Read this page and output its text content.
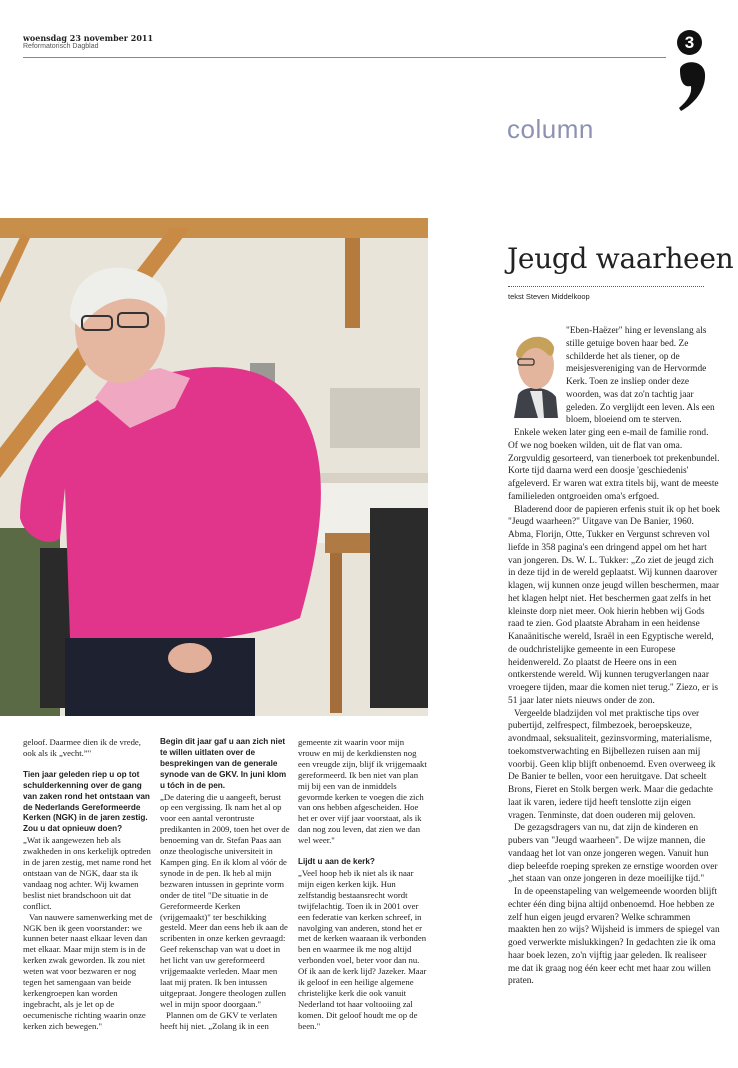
woensdag 23 november 2011
Reformatorisch Dagblad	3
column
Jeugd waarheen
tekst Steven Middelkoop

"Eben-Haëzer" hing er levenslang als stille getuige boven haar bed. Ze schilderde het als tiener, op de meisjesvereniging van de Hervormde Kerk. Toen ze insliep onder deze woorden, was dat zo'n tachtig jaar geleden. Zo verglijdt een leven. Als een bloem, bloeiend om te sterven.

Enkele weken later ging een e-mail de familie rond. Of we nog boeken wilden, uit de flat van oma. Zorgvuldig gesorteerd, van tienerboek tot prekenbundel. Korte tijd daarna werd een doosje 'geschiedenis' afgeleverd. Er waren wat extra titels bij, want de meeste familieleden ontgroeiden oma's erfgoed.

Bladerend door de papieren erfenis stuit ik op het boek "Jeugd waarheen?" Uitgave van De Banier, 1960. Abma, Florijn, Otte, Tukker en Vergunst schreven vol liefde in 358 pagina's een dringend appel om het hart van jongeren. Ds. W. L. Tukker: „Zo ziet de jeugd zich in deze tijd in de wereld geplaatst. Wij kunnen daarover klagen, wij kunnen onze jeugd willen beschermen, maar het klagen helpt niet. Het beschermen gaat zelfs in het kleinste dorp niet meer. Ook hierin hebben wij Gods raad te zien. God plaatste Abraham in een heidense Kanaänitische wereld, Israël in een Egyptische wereld, de oudchristelijke gemeente in een Europese heidenwereld. Zo plaatst de Heere ons in een ontkerstende wereld. Wij kunnen terugverlangen naar vroegere tijden, maar die komen niet terug." Ziezo, er is 51 jaar later niets nieuws onder de zon.

Vergeelde bladzijden vol met praktische tips over pubertijd, zelfrespect, filmbezoek, beroepskeuze, avondmaal, seksualiteit, gezinsvorming, materialisme, toekomstverwachting en Bijbellezen ruisen aan mij voorbij. Geen klip blijft onbenoemd. Even overweeg ik De Banier te bellen, voor een heruitgave. Dat scheelt Brons, Fieret en Stolk bergen werk. Maar die gedachte laat ik varen, iedere tijd heeft tenslotte zijn eigen vragen. Tenminste, dat doen ouderen mij geloven.

De gezagsdragers van nu, dat zijn de kinderen en pubers van "Jeugd waarheen". De wijze mannen, die vandaag het lot van onze jongeren wegen. Vanuit hun diep beleefde roeping spreken ze ernstige woorden over „het staan van onze jongeren in deze moeilijke tijd."

In de opeenstapeling van welgemeende woorden blijft echter één ding bijna altijd onbenoemd. Hoe hebben ze zelf hun eigen jeugd ervaren? Welke schrammen maakten hen zo wijs? Wijsheid is immers de spiegel van goed verwerkte mislukkingen? In gedachten zie ik oma haar boek lezen, zo'n vijftig jaar geleden. Ik realiseer me dat ik graag nog één keer echt met haar zou willen praten.

geloof. Daarmee dien ik de vrede, ook als ik „vecht.”"

Tien jaar geleden riep u op tot schulderkenning over de gang van zaken rond het ontstaan van de Nederlands Gereformeerde Kerken (NGK) in de jaren zestig. Zou u dat opnieuw doen?

„Wat ik aangewezen heb als zwakheden in ons kerkelijk optreden in de jaren zestig, met name rond het ontstaan van de NGK, daar sta ik vandaag nog achter. Wij kwamen beslist niet brandschoon uit dat conflict.

Van nauwere samenwerking met de NGK ben ik geen voorstander: we kunnen beter naast elkaar leven dan met elkaar. Maar mijn stem is in de kerken zwak geworden. Ik zou niet weten wat voor bezwaren er nog tegen het samengaan van beide kerkengroepen kan worden ingebracht, als je let op de oecumenische richting waarin onze kerken zich bewegen."

Begin dit jaar gaf u aan zich niet te willen uitlaten over de besprekingen van de generale synode van de GKV. In juni klom u tóch in de pen.

„De datering die u aangeeft, berust op een vergissing. Ik nam het al op voor een aantal verontruste predikanten in 2009, toen het over de benoeming van dr. Stefan Paas aan onze theologische universiteit in Kampen ging. En ik klom al vóór de synode in de pen. Ik heb al mijn bezwaren intussen in geprinte vorm onder de titel "De situatie in de Gereformeerde Kerken (vrijgemaakt)" ter beschikking gesteld. Meer dan eens heb ik aan de scribenten in onze kerken gevraagd: Geef rekenschap van wat u doet in het licht van uw gereformeerd vrijgemaakte verleden. Maar men laat mij praten. Ik ben intussen uitgepraat. Jongere theologen zullen wel in mijn spoor doorgaan."

Plannen om de GKV te verlaten heeft hij niet. „Zolang ik in een

gemeente zit waarin voor mijn vrouw en mij de kerkdiensten nog een vreugde zijn, blijf ik vrijgemaakt gereformeerd. Ik ben niet van plan mij bij een van de inmiddels gevormde kerken te voegen die zich van ons hebben afgescheiden. Hoe het er over vijf jaar voorstaat, als ik dan nog zou leven, dat zien we dan wel weer."

Lijdt u aan de kerk?

„Veel hoop heb ik niet als ik naar mijn eigen kerken kijk. Hun zelfstandig bestaansrecht wordt twijfelachtig. Toen ik in 2001 over een federatie van kerken schreef, in navolging van anderen, stond het er met de kerken waaraan ik verbonden ben en waarmee ik me nog altijd verbonden voel, beter voor dan nu. Of ik aan de kerk lijd? Jazeker. Maar ik geloof in een heilige algemene christelijke kerk die ook vanuit Nederland tot haar voltooiing zal komen. Dit geloof houdt me op de been."
